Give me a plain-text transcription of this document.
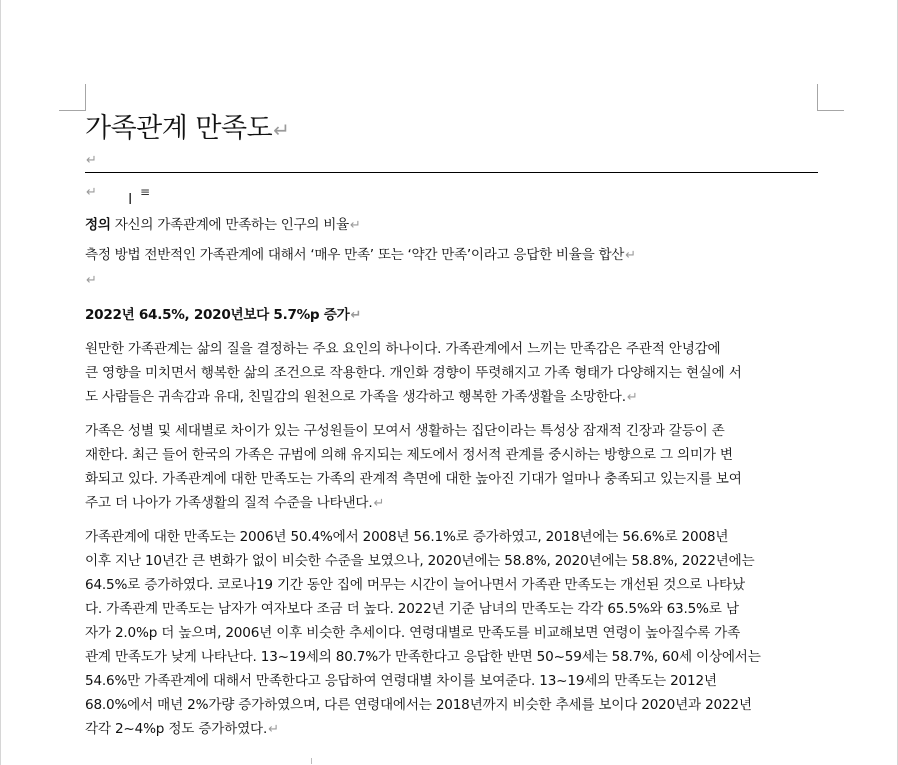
가족관계 만족도↵
↵
↵ I ≡
정의 자신의 가족관계에 만족하는 인구의 비율↵
측정 방법 전반적인 가족관계에 대해서 ‘매우 만족’ 또는 ‘약간 만족’이라고 응답한 비율을 합산↵
↵
2022년 64.5%, 2020년보다 5.7%p 증가↵
원만한 가족관계는 삶의 질을 결정하는 주요 요인의 하나이다. 가족관계에서 느끼는 만족감은 주관적 안녕감에
큰 영향을 미치면서 행복한 삶의 조건으로 작용한다. 개인화 경향이 뚜렷해지고 가족 형태가 다양해지는 현실에 서
도 사람들은 귀속감과 유대, 친밀감의 원천으로 가족을 생각하고 행복한 가족생활을 소망한다.↵
가족은 성별 및 세대별로 차이가 있는 구성원들이 모여서 생활하는 집단이라는 특성상 잠재적 긴장과 갈등이 존
재한다. 최근 들어 한국의 가족은 규범에 의해 유지되는 제도에서 정서적 관계를 중시하는 방향으로 그 의미가 변
화되고 있다. 가족관계에 대한 만족도는 가족의 관계적 측면에 대한 높아진 기대가 얼마나 충족되고 있는지를 보여
주고 더 나아가 가족생활의 질적 수준을 나타낸다.↵
가족관계에 대한 만족도는 2006년 50.4%에서 2008년 56.1%로 증가하였고, 2018년에는 56.6%로 2008년
이후 지난 10년간 큰 변화가 없이 비슷한 수준을 보였으나, 2020년에는 58.8%, 2020년에는 58.8%, 2022년에는
64.5%로 증가하였다. 코로나19 기간 동안 집에 머무는 시간이 늘어나면서 가족관 만족도는 개선된 것으로 나타났
다. 가족관계 만족도는 남자가 여자보다 조금 더 높다. 2022년 기준 남녀의 만족도는 각각 65.5%와 63.5%로 남
자가 2.0%p 더 높으며, 2006년 이후 비슷한 추세이다. 연령대별로 만족도를 비교해보면 연령이 높아질수록 가족
관계 만족도가 낮게 나타난다. 13~19세의 80.7%가 만족한다고 응답한 반면 50~59세는 58.7%, 60세 이상에서는
54.6%만 가족관계에 대해서 만족한다고 응답하여 연령대별 차이를 보여준다. 13~19세의 만족도는 2012년
68.0%에서 매년 2%가량 증가하였으며, 다른 연령대에서는 2018년까지 비슷한 추세를 보이다 2020년과 2022년
각각 2~4%p 정도 증가하였다.↵
